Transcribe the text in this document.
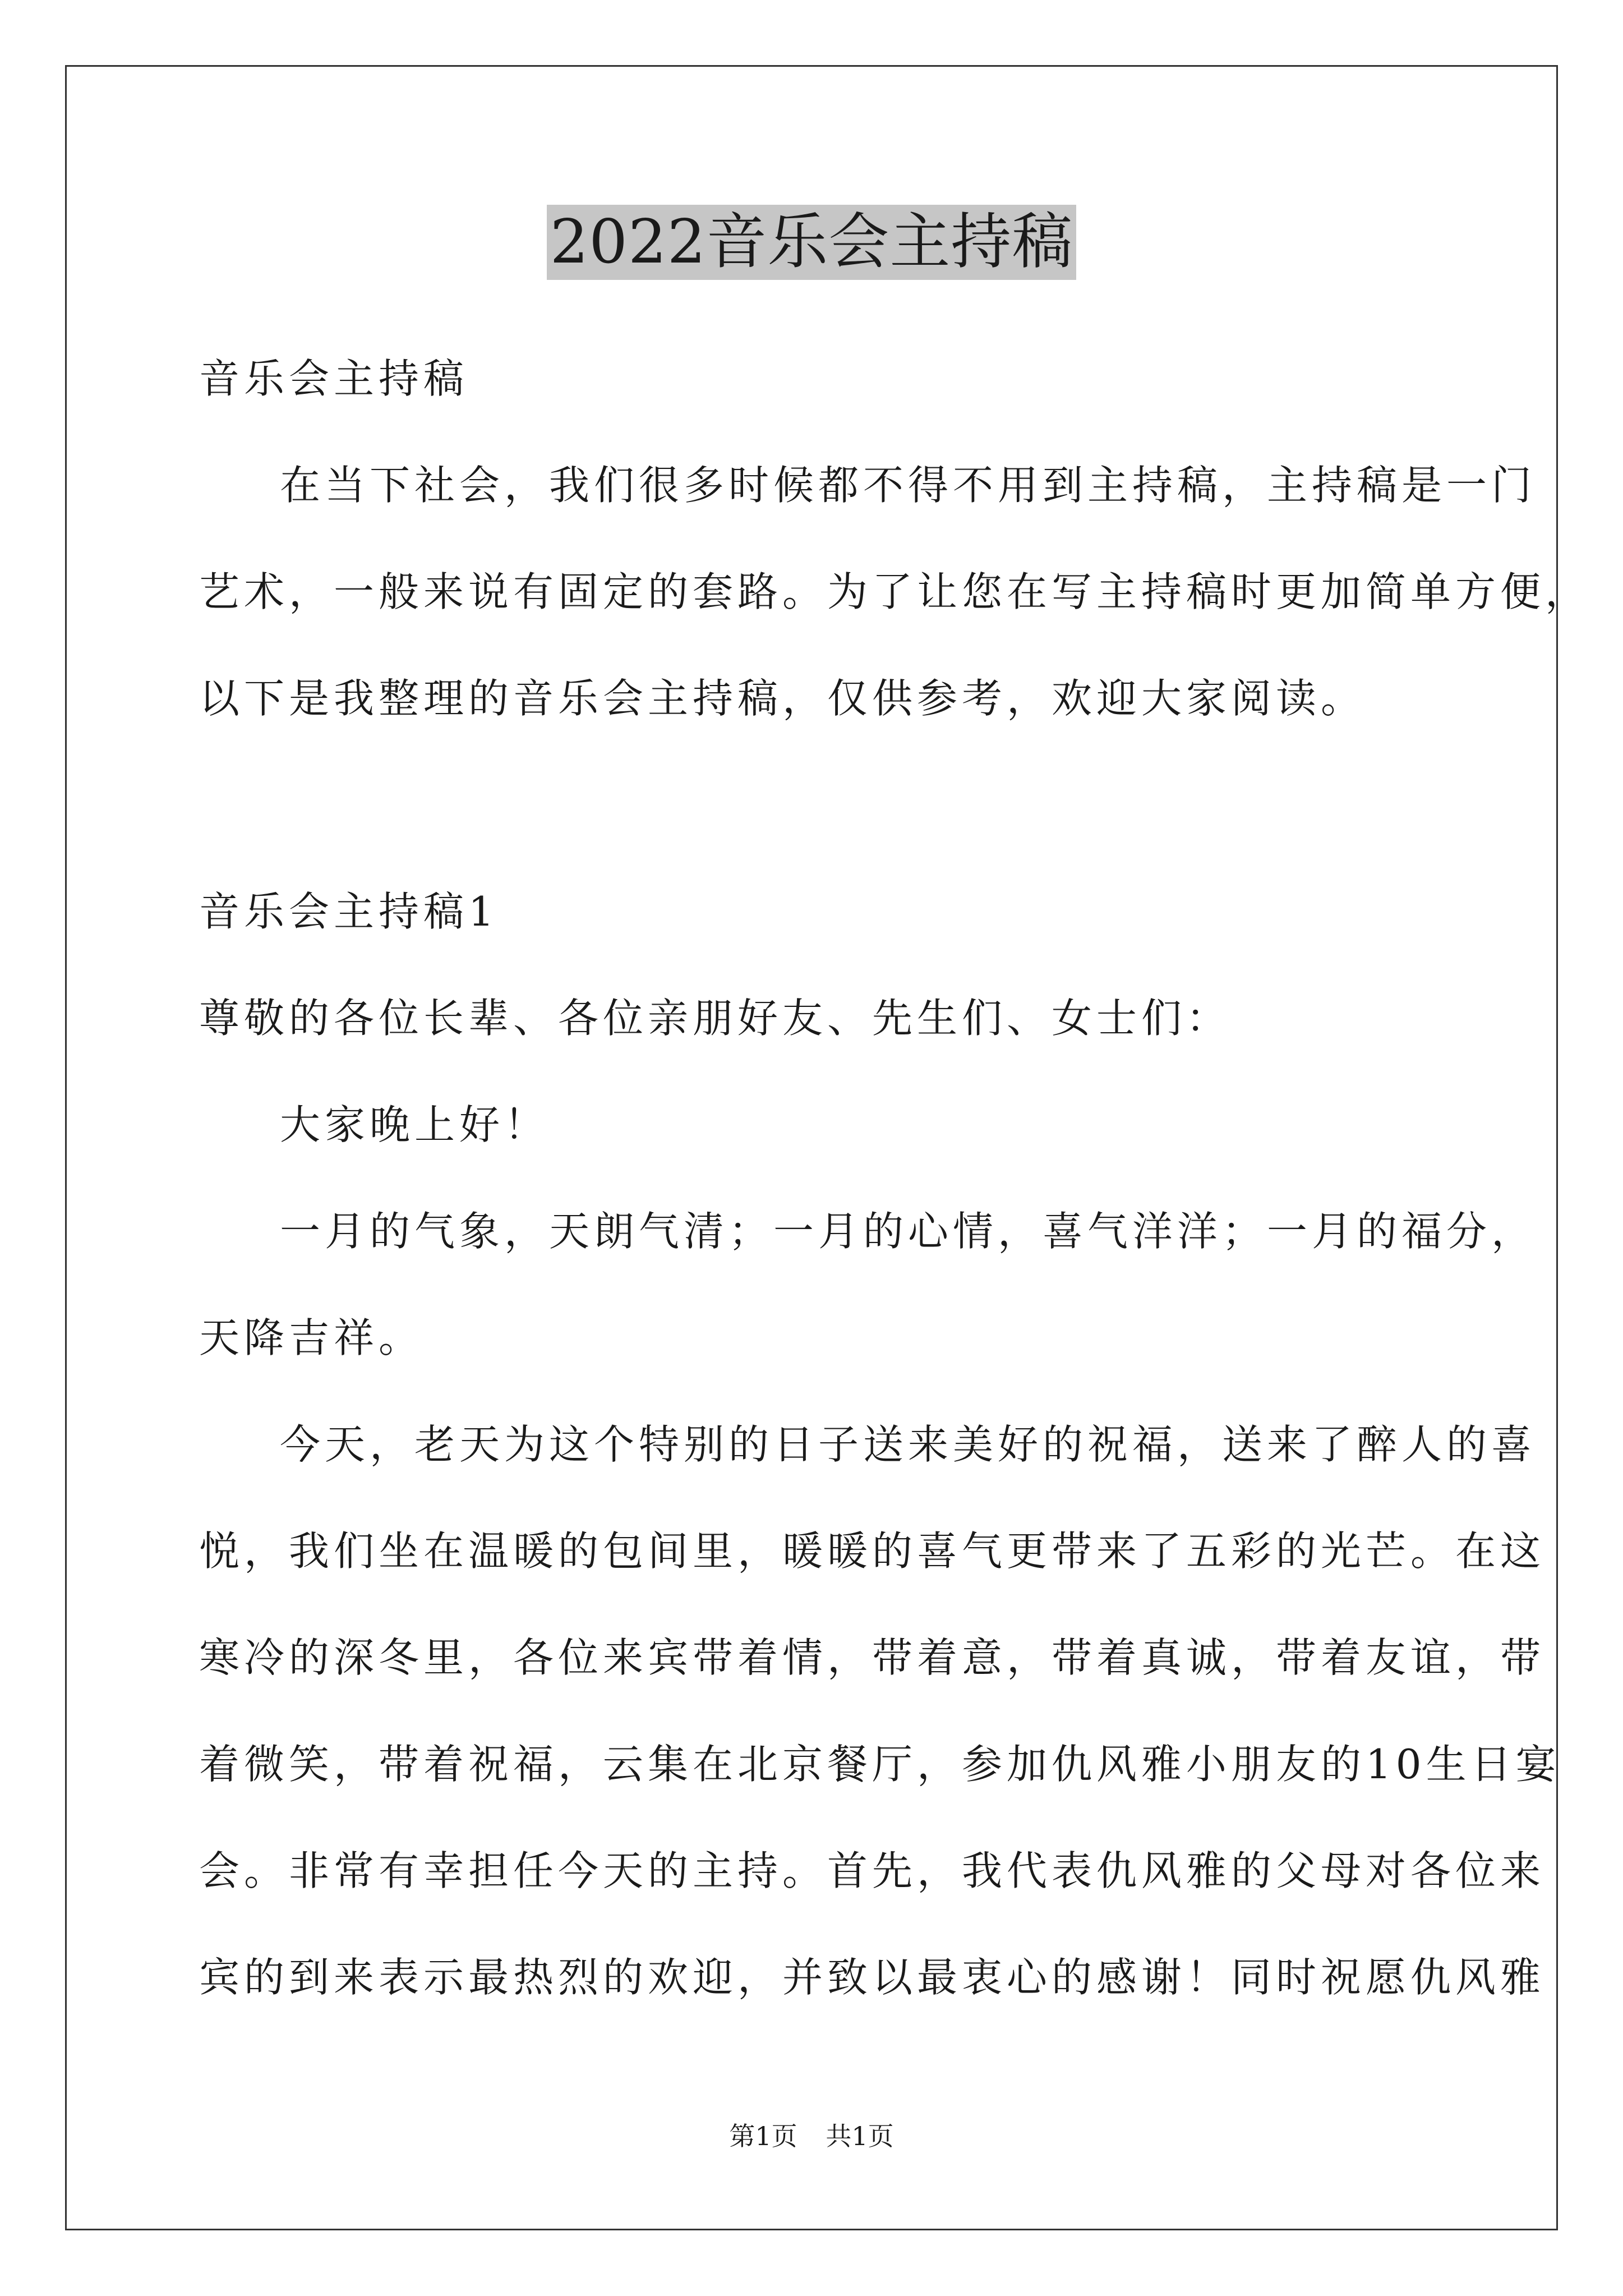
2022音乐会主持稿
音乐会主持稿
在当下社会，我们很多时候都不得不用到主持稿，主持稿是一门
艺术，一般来说有固定的套路。为了让您在写主持稿时更加简单方便，
以下是我整理的音乐会主持稿，仅供参考，欢迎大家阅读。
音乐会主持稿1
尊敬的各位长辈、各位亲朋好友、先生们、女士们：
大家晚上好！
一月的气象，天朗气清；一月的心情，喜气洋洋；一月的福分，
天降吉祥。
今天，老天为这个特别的日子送来美好的祝福，送来了醉人的喜
悦，我们坐在温暖的包间里，暖暖的喜气更带来了五彩的光芒。在这
寒冷的深冬里，各位来宾带着情，带着意，带着真诚，带着友谊，带
着微笑，带着祝福，云集在北京餐厅，参加仇风雅小朋友的10生日宴
会。非常有幸担任今天的主持。首先，我代表仇风雅的父母对各位来
宾的到来表示最热烈的欢迎，并致以最衷心的感谢！同时祝愿仇风雅
第1页 共1页
